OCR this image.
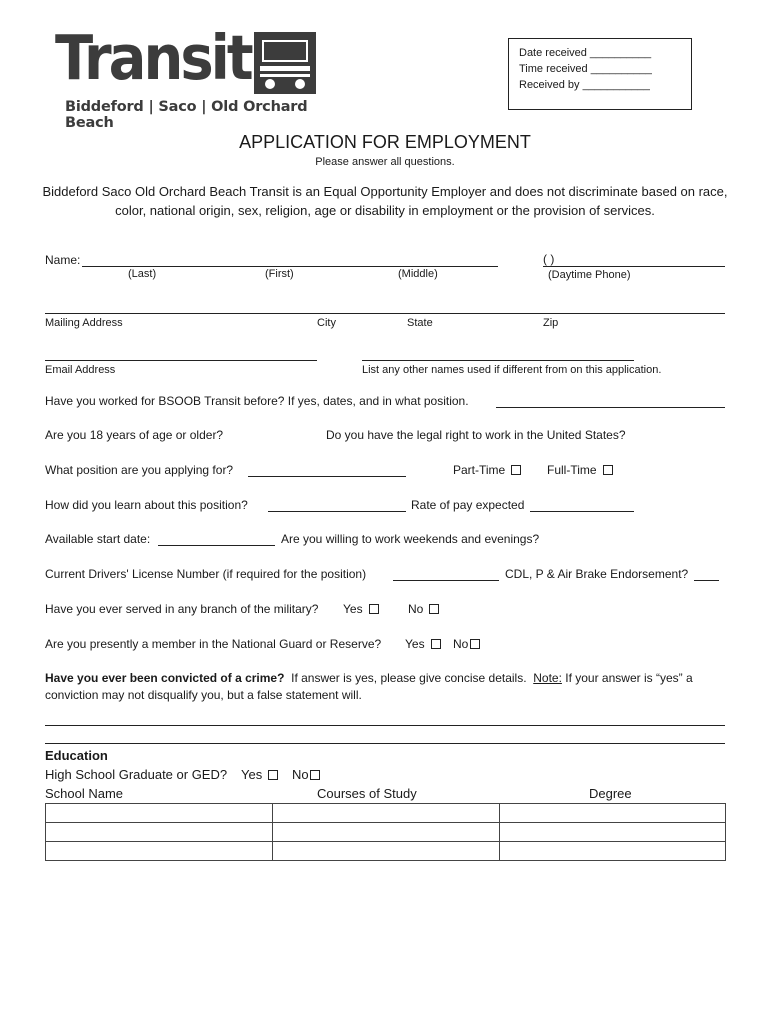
Transit
Biddeford | Saco | Old Orchard Beach
Date received __________
Time received __________
Received by ___________
APPLICATION FOR EMPLOYMENT
Please answer all questions.
Biddeford Saco Old Orchard Beach Transit is an Equal Opportunity Employer and does not discriminate based on race,
color, national origin, sex, religion, age or disability in employment or the provision of services.
Name:
(Last)	(First)	(Middle)
( )
(Daytime Phone)
Mailing Address	City	State	Zip
Email Address	List any other names used if different from on this application.
Have you worked for BSOOB Transit before? If yes, dates, and in what position.
Are you 18 years of age or older?	Do you have the legal right to work in the United States?
What position are you applying for?	Part-Time	Full-Time
How did you learn about this position?	Rate of pay expected
Available start date:	Are you willing to work weekends and evenings?
Current Drivers' License Number (if required for the position)	CDL, P & Air Brake Endorsement?
Have you ever served in any branch of the military? Yes	No
Are you presently a member in the National Guard or Reserve? Yes	No
Have you ever been convicted of a crime?  If answer is yes, please give concise details.  Note: If your answer is “yes” a
conviction may not disqualify you, but a false statement will.
Education
High School Graduate or GED? Yes	No
School Name	Courses of Study	Degree
